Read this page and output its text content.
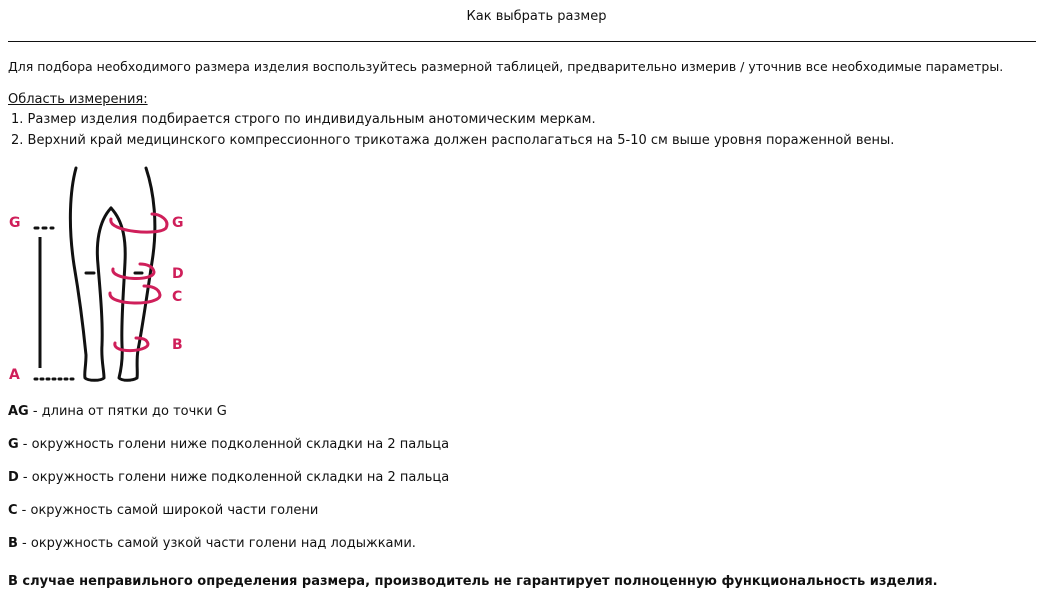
Как выбрать размер
Для подбора необходимого размера изделия воспользуйтесь размерной таблицей, предварительно измерив / уточнив все необходимые параметры.
Область измерения:
1. Размер изделия подбирается строго по индивидуальным анотомическим меркам.
2. Верхний край медицинского компрессионного трикотажа должен располагаться на 5-10 см выше уровня пораженной вены.
G
A
G
D
C
B
AG - длина от пятки до точки G
G - окружность голени ниже подколенной складки на 2 пальца
D - окружность голени ниже подколенной складки на 2 пальца
C - окружность самой широкой части голени
B - окружность самой узкой части голени над лодыжками.
В случае неправильного определения размера, производитель не гарантирует полноценную функциональность изделия.
